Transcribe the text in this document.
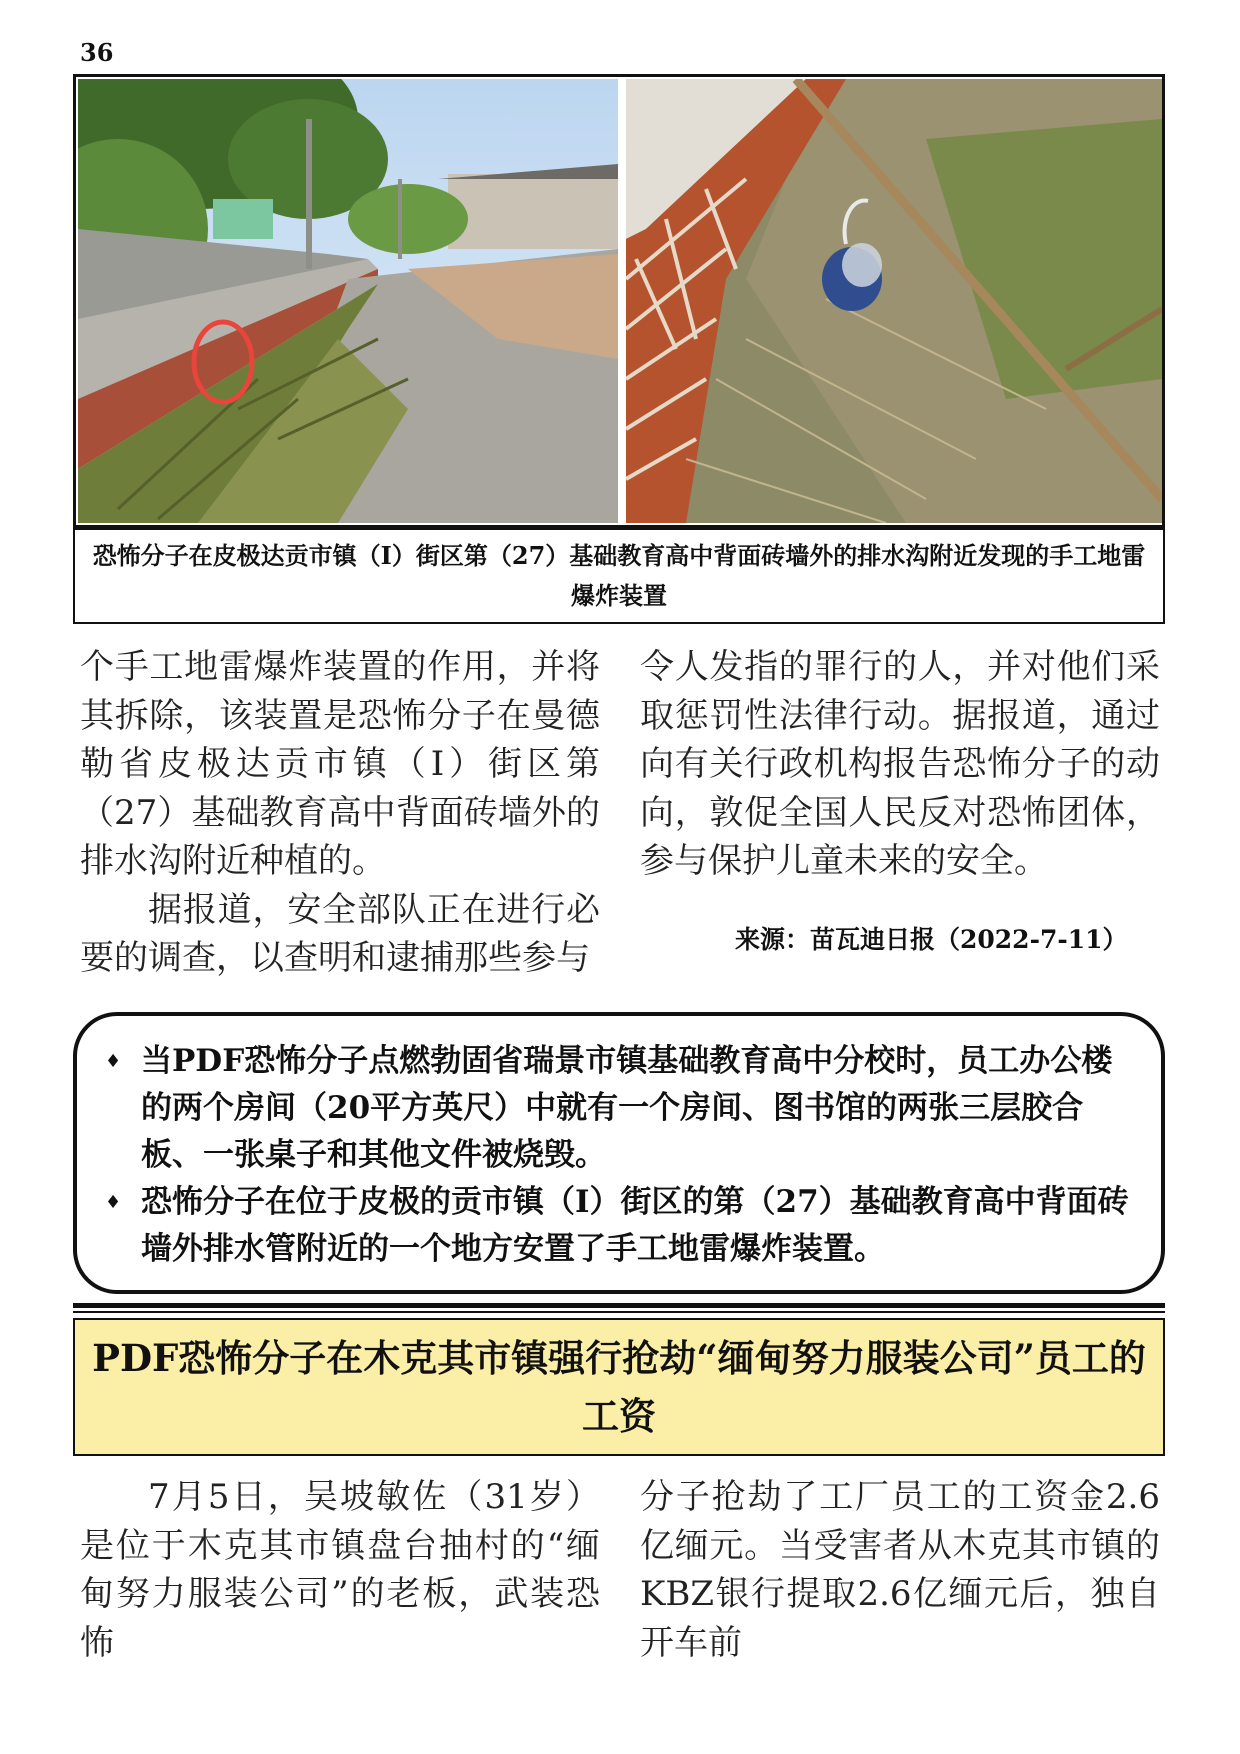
36
恐怖分子在皮极达贡市镇（I）街区第（27）基础教育高中背面砖墙外的排水沟附近发现的手工地雷爆炸装置

个手工地雷爆炸装置的作用，并将其拆除，该装置是恐怖分子在曼德勒省皮极达贡市镇（I）街区第（27）基础教育高中背面砖墙外的排水沟附近种植的。

据报道，安全部队正在进行必要的调查，以查明和逮捕那些参与

令人发指的罪行的人，并对他们采取惩罚性法律行动。据报道，通过向有关行政机构报告恐怖分子的动向，敦促全国人民反对恐怖团体，参与保护儿童未来的安全。

来源：苗瓦迪日报（2022-7-11）
♦ 当PDF恐怖分子点燃勃固省瑞景市镇基础教育高中分校时，员工办公楼的两个房间（20平方英尺）中就有一个房间、图书馆的两张三层胶合板、一张桌子和其他文件被烧毁。
♦ 恐怖分子在位于皮极的贡市镇（I）街区的第（27）基础教育高中背面砖墙外排水管附近的一个地方安置了手工地雷爆炸装置。
PDF恐怖分子在木克其市镇强行抢劫“缅甸努力服装公司”员工的工资

7月5日，吴坡敏佐（31岁）是位于木克其市镇盘台抽村的“缅甸努力服装公司”的老板，武装恐怖

分子抢劫了工厂员工的工资金2.6亿缅元。当受害者从木克其市镇的KBZ银行提取2.6亿缅元后，独自开车前
